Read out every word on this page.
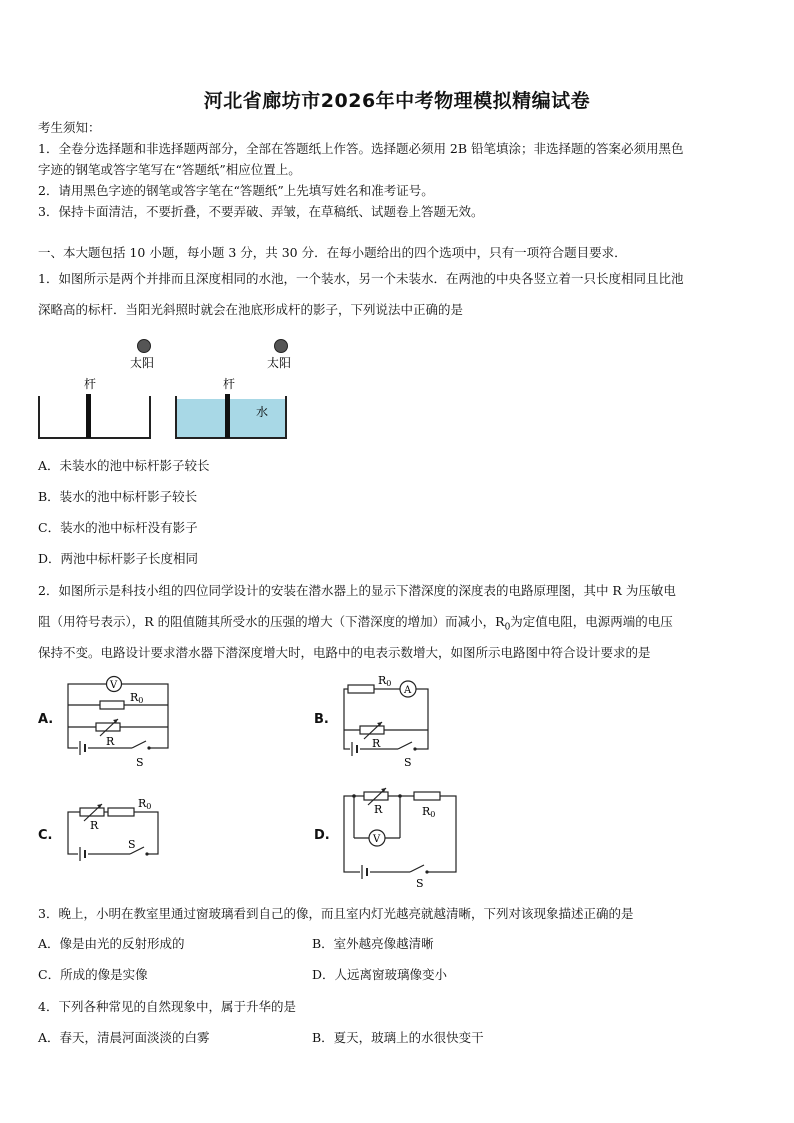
河北省廊坊市2026年中考物理模拟精编试卷
考生须知：
1．全卷分选择题和非选择题两部分，全部在答题纸上作答。选择题必须用 2B 铅笔填涂；非选择题的答案必须用黑色
字迹的钢笔或答字笔写在“答题纸”相应位置上。
2．请用黑色字迹的钢笔或答字笔在“答题纸”上先填写姓名和准考证号。
3．保持卡面清洁，不要折叠，不要弄破、弄皱，在草稿纸、试题卷上答题无效。
一、本大题包括 10 小题，每小题 3 分，共 30 分．在每小题给出的四个选项中，只有一项符合题目要求．
1．如图所示是两个并排而且深度相同的水池，一个装水，另一个未装水．在两池的中央各竖立着一只长度相同且比池
深略高的标杆．当阳光斜照时就会在池底形成杆的影子，下列说法中正确的是
杆
太阳
杆
水
太阳
A．未装水的池中标杆影子较长
B．装水的池中标杆影子较长
C．装水的池中标杆没有影子
D．两池中标杆影子长度相同
2．如图所示是科技小组的四位同学设计的安装在潜水器上的显示下潜深度的深度表的电路原理图，其中 R 为压敏电
阻（用符号表示），R 的阻值随其所受水的压强的增大（下潜深度的增加）而减小，$R_0$为定值电阻，电源两端的电压
保持不变。电路设计要求潜水器下潜深度增大时，电路中的电表示数增大，如图所示电路图中符合设计要求的是
A.
V
R0
R
S
B.
R0
A
R
S
C.
R
R0
S
D.
R	R0
V
S
3．晚上，小明在教室里通过窗玻璃看到自己的像，而且室内灯光越亮就越清晰，下列对该现象描述正确的是
A．像是由光的反射形成的	B．室外越亮像越清晰
C．所成的像是实像	D．人远离窗玻璃像变小
4．下列各种常见的自然现象中，属于升华的是
A．春天，清晨河面淡淡的白雾	B．夏天，玻璃上的水很快变干
